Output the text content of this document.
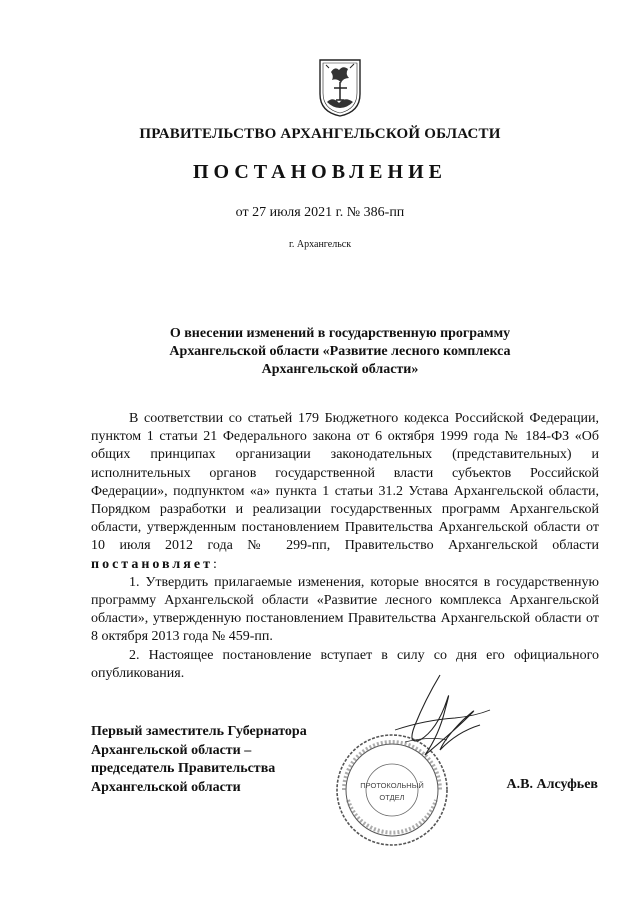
ПРАВИТЕЛЬСТВО АРХАНГЕЛЬСКОЙ ОБЛАСТИ
ПОСТАНОВЛЕНИЕ
от 27 июля 2021 г. № 386-пп
г. Архангельск
О внесении изменений в государственную программу
Архангельской области «Развитие лесного комплекса
Архангельской области»

В соответствии со статьей 179 Бюджетного кодекса Российской Федерации, пунктом 1 статьи 21 Федерального закона от 6 октября 1999 года № 184-ФЗ «Об общих принципах организации законодательных (представительных) и исполнительных органов государственной власти субъектов Российской Федерации», подпунктом «а» пункта 1 статьи 31.2 Устава Архангельской области, Порядком разработки и реализации государственных программ Архангельской области, утвержденным постановлением Правительства Архангельской области от 10 июля 2012 года № 299-пп, Правительство Архангельской области постановляет:

1. Утвердить прилагаемые изменения, которые вносятся в государственную программу Архангельской области «Развитие лесного комплекса Архангельской области», утвержденную постановлением Правительства Архангельской области от 8 октября 2013 года № 459-пп.

2. Настоящее постановление вступает в силу со дня его официального опубликования.

Первый заместитель Губернатора
Архангельской области –
председатель Правительства
Архангельской области	А.В. Алсуфьев
ПРОТОКОЛЬНЫЙ
ОТДЕЛ
